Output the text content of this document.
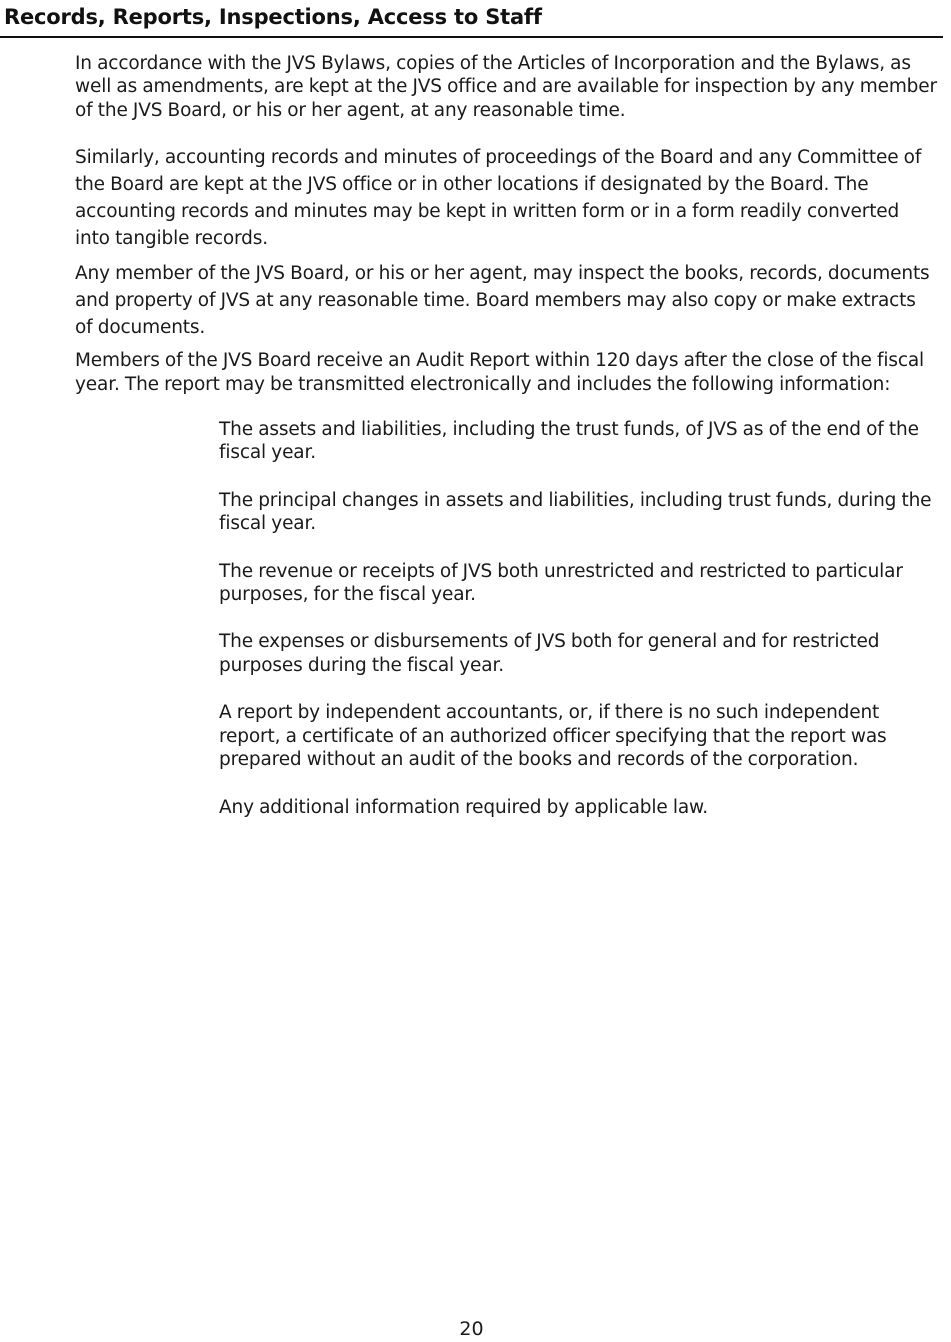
Records, Reports, Inspections, Access to Staff

In accordance with the JVS Bylaws, copies of the Articles of Incorporation and the Bylaws, as well as amendments, are kept at the JVS office and are available for inspection by any member of the JVS Board, or his or her agent, at any reasonable time.

Similarly, accounting records and minutes of proceedings of the Board and any Committee of the Board are kept at the JVS office or in other locations if designated by the Board. The accounting records and minutes may be kept in written form or in a form readily converted into tangible records.

Any member of the JVS Board, or his or her agent, may inspect the books, records, documents and property of JVS at any reasonable time. Board members may also copy or make extracts of documents.

Members of the JVS Board receive an Audit Report within 120 days after the close of the fiscal year. The report may be transmitted electronically and includes the following information:

The assets and liabilities, including the trust funds, of JVS as of the end of the fiscal year.
The principal changes in assets and liabilities, including trust funds, during the fiscal year.
The revenue or receipts of JVS both unrestricted and restricted to particular purposes, for the fiscal year.
The expenses or disbursements of JVS both for general and for restricted purposes during the fiscal year.
A report by independent accountants, or, if there is no such independent report, a certificate of an authorized officer specifying that the report was prepared without an audit of the books and records of the corporation.
Any additional information required by applicable law.
20
